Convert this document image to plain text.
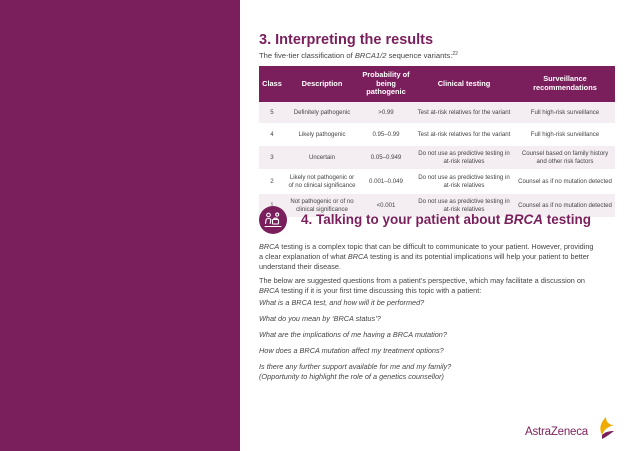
3. Interpreting the results
The five-tier classification of BRCA1/2 sequence variants:$^{22}$
Class	Description	Probability of being pathogenic	Clinical testing	Surveillance recommendations
5	Definitely pathogenic	>0.99	Test at-risk relatives for the variant	Full high-risk surveillance
4	Likely pathogenic	0.95–0.99	Test at-risk relatives for the variant	Full high-risk surveillance
3	Uncertain	0.05–0.949	Do not use as predictive testing in at-risk relatives	Counsel based on family history and other risk factors
2	Likely not pathogenic or of no clinical significance	0.001–0.049	Do not use as predictive testing in at-risk relatives	Counsel as if no mutation detected
	Not pathogenic or of no clinical significance	<0.001	Do not use as predictive testing in at-risk relatives	Counsel as if no mutation detected
4. Talking to your patient about BRCA testing

BRCA testing is a complex topic that can be difficult to communicate to your patient. However, providing a clear explanation of what BRCA testing is and its potential implications will help your patient to better understand their disease.

The below are suggested questions from a patient’s perspective, which may facilitate a discussion on BRCA testing if it is your first time discussing this topic with a patient:

What is a BRCA test, and how will it be performed?

What do you mean by ‘BRCA status’?

What are the implications of me having a BRCA mutation?

How does a BRCA mutation affect my treatment options?

Is there any further support available for me and my family?

(Opportunity to highlight the role of a genetics counsellor)

AstraZeneca
